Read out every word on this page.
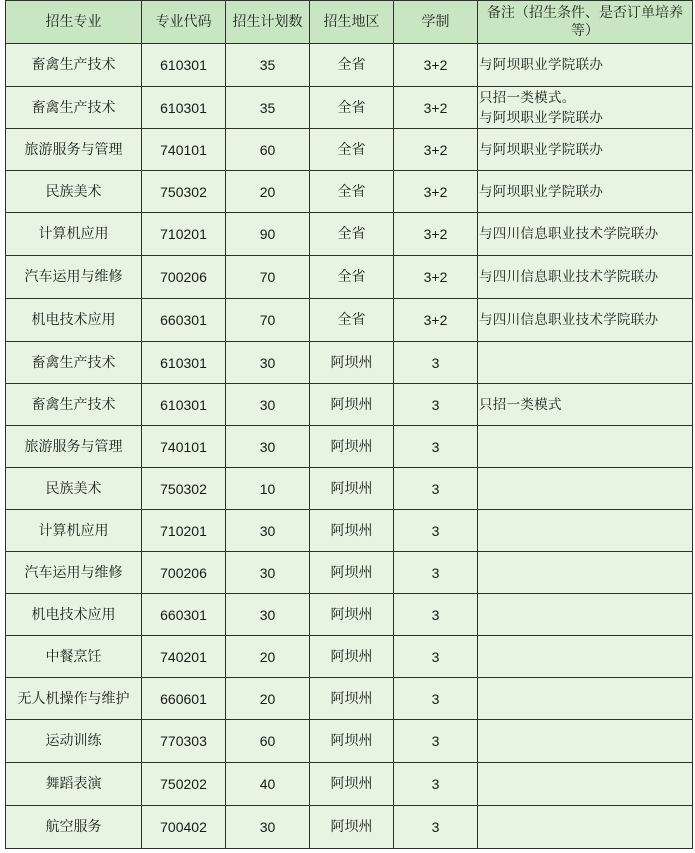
招生专业	专业代码	招生计划数	招生地区	学制	备注（招生条件、是否订单培养等）
畜禽生产技术	610301	35	全省	3+2	与阿坝职业学院联办

畜禽生产技术	610301	35	全省	3+2	只招一类模式。
与阿坝职业学院联办

旅游服务与管理	740101	60	全省	3+2	与阿坝职业学院联办

民族美术	750302	20	全省	3+2	与阿坝职业学院联办

计算机应用	710201	90	全省	3+2	与四川信息职业技术学院联办

汽车运用与维修	700206	70	全省	3+2	与四川信息职业技术学院联办

机电技术应用	660301	70	全省	3+2	与四川信息职业技术学院联办

畜禽生产技术	610301	30	阿坝州	3	
畜禽生产技术	610301	30	阿坝州	3	只招一类模式

旅游服务与管理	740101	30	阿坝州	3	
民族美术	750302	10	阿坝州	3	
计算机应用	710201	30	阿坝州	3	
汽车运用与维修	700206	30	阿坝州	3	
机电技术应用	660301	30	阿坝州	3	
中餐烹饪	740201	20	阿坝州	3	
无人机操作与维护	660601	20	阿坝州	3	
运动训练	770303	60	阿坝州	3	
舞蹈表演	750202	40	阿坝州	3	
航空服务	700402	30	阿坝州	3	
